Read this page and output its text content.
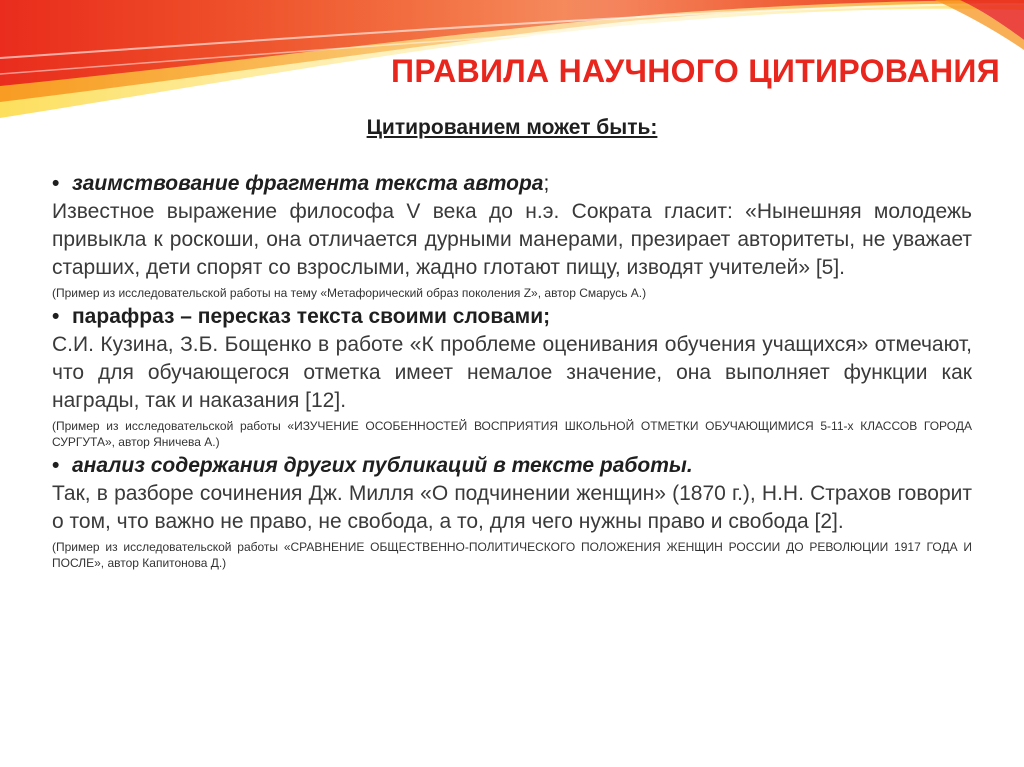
ПРАВИЛА НАУЧНОГО ЦИТИРОВАНИЯ
Цитированием может быть:
• заимствование фрагмента текста автора;
Известное выражение философа V века до н.э. Сократа гласит: «Нынешняя молодежь привыкла к роскоши, она отличается дурными манерами, презирает авторитеты, не уважает старших, дети спорят со взрослыми, жадно глотают пищу, изводят учителей» [5].
(Пример из исследовательской работы на тему «Метафорический образ поколения Z», автор Смарусь А.)
• парафраз – пересказ текста своими словами;
С.И. Кузина, З.Б. Бощенко в работе «К проблеме оценивания обучения учащихся» отмечают, что для обучающегося отметка имеет немалое значение, она выполняет функции как награды, так и наказания [12].
(Пример из исследовательской работы «ИЗУЧЕНИЕ ОСОБЕННОСТЕЙ ВОСПРИЯТИЯ ШКОЛЬНОЙ ОТМЕТКИ ОБУЧАЮЩИМИСЯ 5-11-х КЛАССОВ ГОРОДА СУРГУТА», автор Яничева А.)
• анализ содержания других публикаций в тексте работы.
Так, в разборе сочинения Дж. Милля «О подчинении женщин» (1870 г.), Н.Н. Страхов говорит о том, что важно не право, не свобода, а то, для чего нужны право и свобода [2].
(Пример из исследовательской работы «СРАВНЕНИЕ ОБЩЕСТВЕННО-ПОЛИТИЧЕСКОГО ПОЛОЖЕНИЯ ЖЕНЩИН РОССИИ ДО РЕВОЛЮЦИИ 1917 ГОДА И ПОСЛЕ», автор Капитонова Д.)
